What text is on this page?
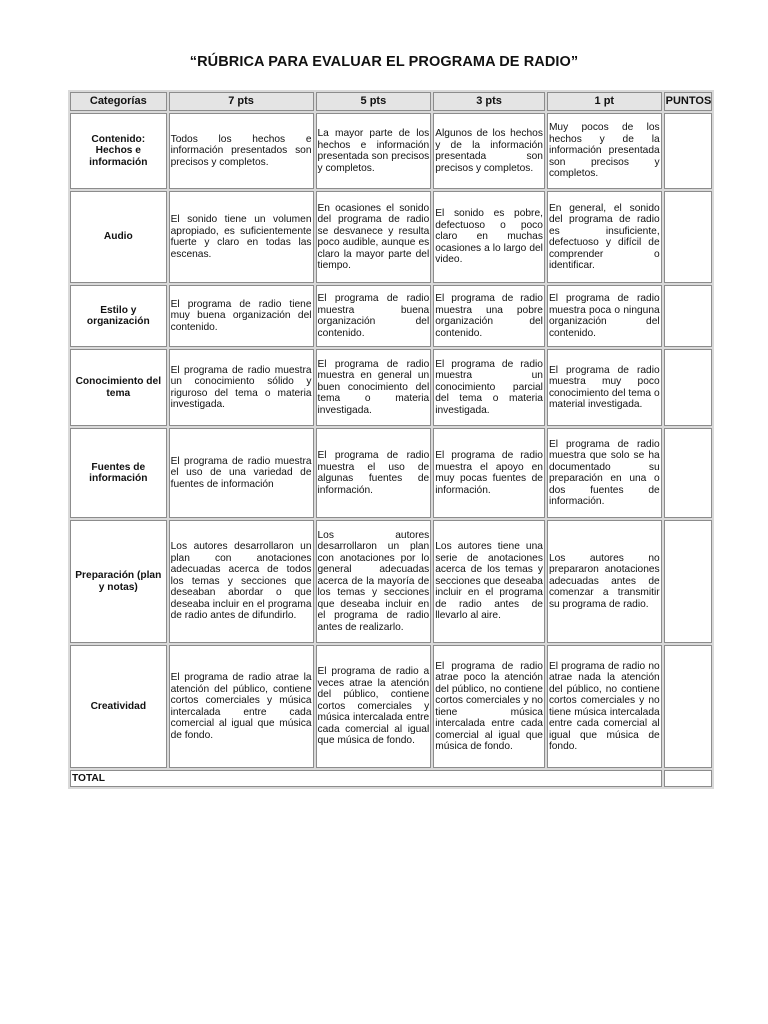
“RÚBRICA PARA EVALUAR EL PROGRAMA DE RADIO”
Categorías	7 pts	5 pts	3 pts	1 pt	PUNTOS
Contenido: Hechos e información	Todos los hechos e información presentados son precisos y completos.	La mayor parte de los hechos e información presentada son precisos y completos.	Algunos de los hechos y de la información presentada son precisos y completos.	Muy pocos de los hechos y de la información presentada son precisos y completos.	
Audio	El sonido tiene un volumen apropiado, es suficientemente fuerte y claro en todas las escenas.	En ocasiones el sonido del programa de radio se desvanece y resulta poco audible, aunque es claro la mayor parte del tiempo.	El sonido es pobre, defectuoso o poco claro en muchas ocasiones a lo largo del video.	En general, el sonido del programa de radio es insuficiente, defectuoso y difícil de comprender o identificar.	
Estilo y organización	El programa de radio tiene muy buena organización del contenido.	El programa de radio muestra buena organización del contenido.	El programa de radio muestra una pobre organización del contenido.	El programa de radio muestra poca o ninguna organización del contenido.	
Conocimiento del tema	El programa de radio muestra un conocimiento sólido y riguroso del tema o materia investigada.	El programa de radio muestra en general un buen conocimiento del tema o materia investigada.	El programa de radio muestra un conocimiento parcial del tema o materia investigada.	El programa de radio muestra muy poco conocimiento del tema o material investigada.	
Fuentes de información	El programa de radio muestra el uso de una variedad de fuentes de información	El programa de radio muestra el uso de algunas fuentes de información.	El programa de radio muestra el apoyo en muy pocas fuentes de información.	El programa de radio muestra que solo se ha documentado su preparación en una o dos fuentes de información.	
Preparación (plan y notas)	Los autores desarrollaron un plan con anotaciones adecuadas acerca de todos los temas y secciones que deseaban abordar o que deseaba incluir en el programa de radio antes de difundirlo.	Los autores desarrollaron un plan con anotaciones por lo general adecuadas acerca de la mayoría de los temas y secciones que deseaba incluir en el programa de radio antes de realizarlo.	Los autores tiene una serie de anotaciones acerca de los temas y secciones que deseaba incluir en el programa de radio antes de llevarlo al aire.	Los autores no prepararon anotaciones adecuadas antes de comenzar a transmitir su programa de radio.	
Creatividad	El programa de radio atrae la atención del público, contiene cortos comerciales y música intercalada entre cada comercial al igual que música de fondo.	El programa de radio a veces atrae la atención del público, contiene cortos comerciales y música intercalada entre cada comercial al igual que música de fondo.	El programa de radio atrae poco la atención del público, no contiene cortos comerciales y no tiene música intercalada entre cada comercial al igual que música de fondo.	El programa de radio no atrae nada la atención del público, no contiene cortos comerciales y no tiene música intercalada entre cada comercial al igual que música de fondo.	
TOTAL					
